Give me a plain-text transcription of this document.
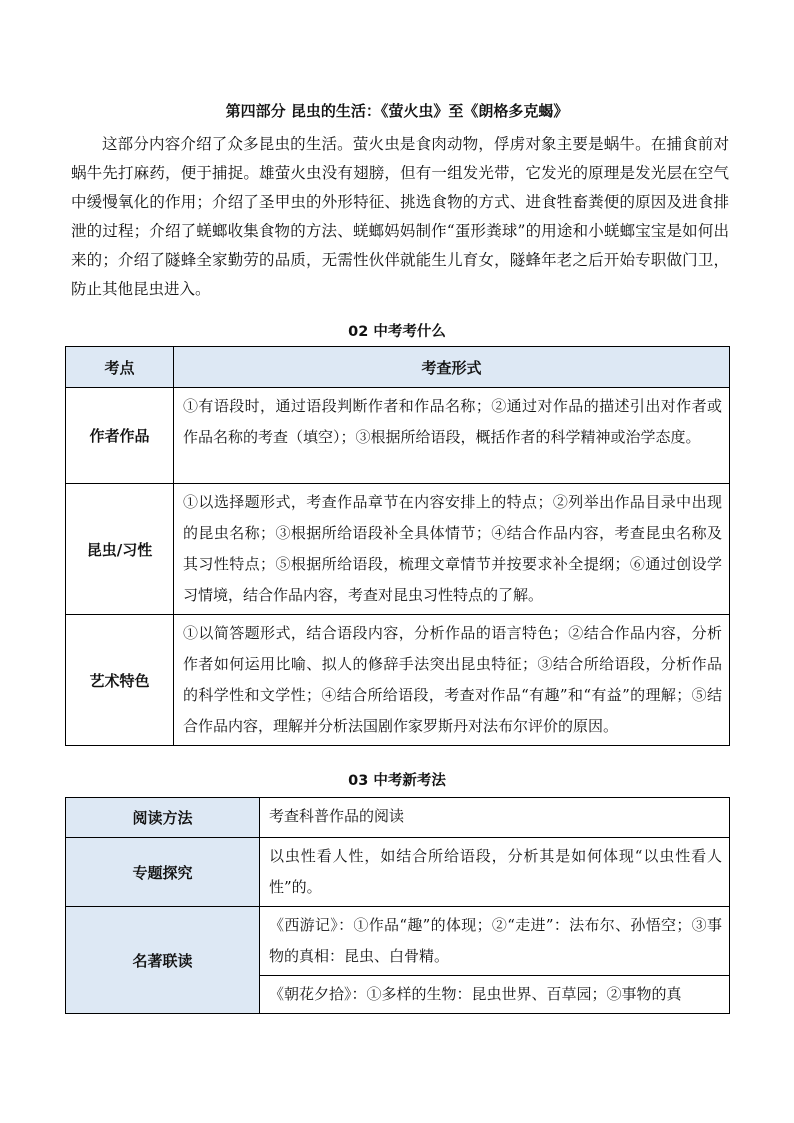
第四部分 昆虫的生活：《萤火虫》至《朗格多克蝎》

这部分内容介绍了众多昆虫的生活。萤火虫是食肉动物，俘虏对象主要是蜗牛。在捕食前对蜗牛先打麻药，便于捕捉。雄萤火虫没有翅膀，但有一组发光带，它发光的原理是发光层在空气中缓慢氧化的作用；介绍了圣甲虫的外形特征、挑选食物的方式、进食牲畜粪便的原因及进食排泄的过程；介绍了蜣螂收集食物的方法、蜣螂妈妈制作“蛋形粪球”的用途和小蜣螂宝宝是如何出来的；介绍了隧蜂全家勤劳的品质，无需性伙伴就能生儿育女，隧蜂年老之后开始专职做门卫，防止其他昆虫进入。

02 中考考什么
考点	考查形式
作者作品	①有语段时，通过语段判断作者和作品名称；②通过对作品的描述引出对作者或作品名称的考查（填空）；③根据所给语段，概括作者的科学精神或治学态度。
昆虫/习性	①以选择题形式，考查作品章节在内容安排上的特点；②列举出作品目录中出现的昆虫名称；③根据所给语段补全具体情节；④结合作品内容，考查昆虫名称及其习性特点；⑤根据所给语段，梳理文章情节并按要求补全提纲；⑥通过创设学习情境，结合作品内容，考查对昆虫习性特点的了解。
艺术特色	①以简答题形式，结合语段内容，分析作品的语言特色；②结合作品内容，分析作者如何运用比喻、拟人的修辞手法突出昆虫特征；③结合所给语段，分析作品的科学性和文学性；④结合所给语段，考查对作品“有趣”和“有益”的理解；⑤结合作品内容，理解并分析法国剧作家罗斯丹对法布尔评价的原因。
03 中考新考法
阅读方法	考查科普作品的阅读
专题探究	以虫性看人性，如结合所给语段，分析其是如何体现“以虫性看人性”的。
名著联读	《西游记》：①作品“趣”的体现；②“走进”：法布尔、孙悟空；③事物的真相：昆虫、白骨精。
	《朝花夕拾》：①多样的生物：昆虫世界、百草园；②事物的真
